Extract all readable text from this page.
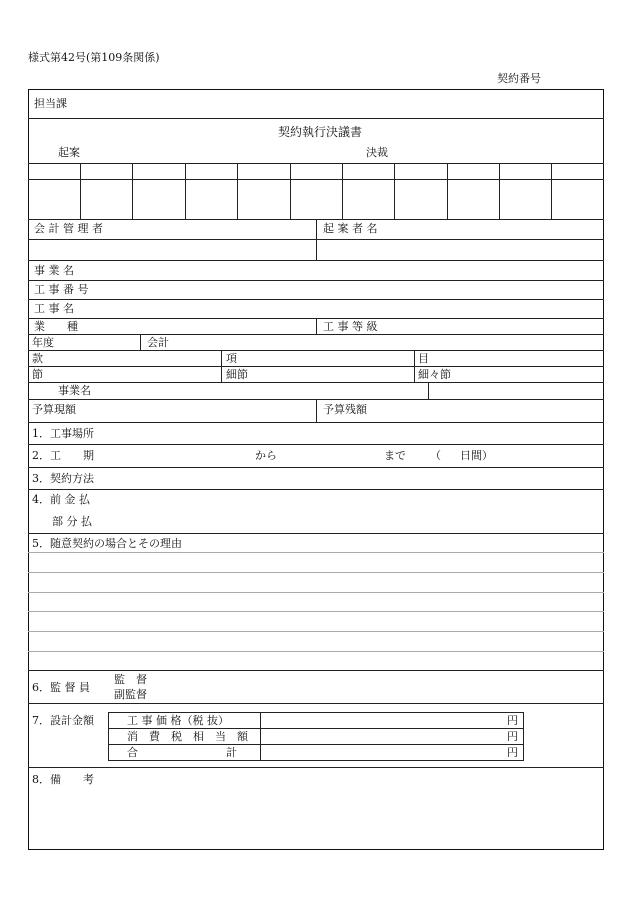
様式第42号(第109条関係)
契約番号
担当課
契約執行決議書
起案	決裁
会 計 管 理 者	起 案 者 名
事 業 名
工 事 番 号
工 事 名
業　　種	工 事 等 級
年度	会計
款	項	目
節	細節	細々節
事業名
予算現額	予算残額
1．工事場所
2．工　　期	から	まで （ 日間）
3．契約方法
4．前 金 払
部 分 払
5．随意契約の場合とその理由
6．監 督 員
監　督
副監督
7．設計金額	工 事 価 格（税 抜）	円
消　費　税　相　当　額	円
合　　　　　　　　計	円
8．備　　考
